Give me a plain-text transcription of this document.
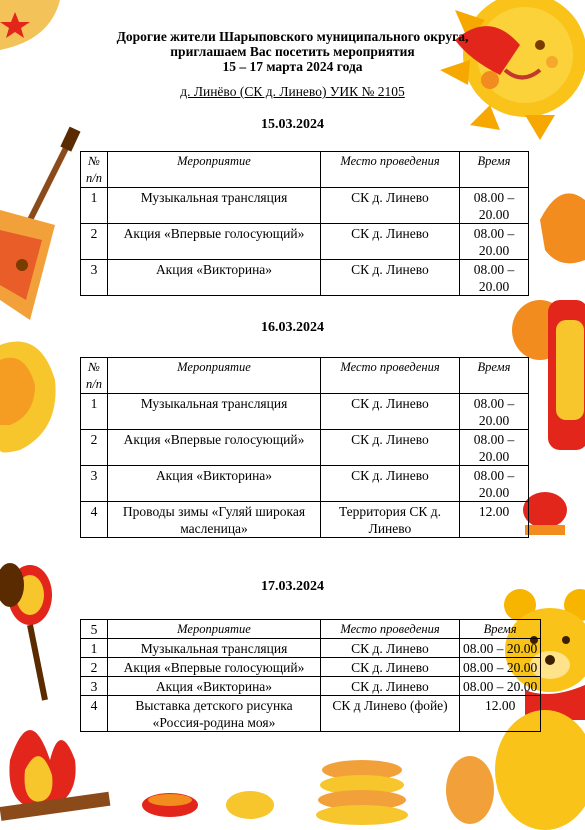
Дорогие жители Шарыповского муниципального округа,
приглашаем Вас посетить мероприятия
15 – 17 марта 2024 года
д. Линёво (СК д. Линево) УИК № 2105
15.03.2024
№ п/п	Мероприятие	Место проведения	Время
1	Музыкальная трансляция	СК д. Линево	08.00 – 20.00
2	Акция «Впервые голосующий»	СК д. Линево	08.00 – 20.00
3	Акция «Викторина»	СК д. Линево	08.00 – 20.00
16.03.2024
№ п/п	Мероприятие	Место проведения	Время
1	Музыкальная трансляция	СК д. Линево	08.00 – 20.00
2	Акция «Впервые голосующий»	СК д. Линево	08.00 – 20.00
3	Акция «Викторина»	СК д. Линево	08.00 – 20.00
4	Проводы зимы «Гуляй широкая масленица»	Территория СК д. Линево	12.00
17.03.2024
5	Мероприятие	Место проведения	Время
1	Музыкальная трансляция	СК д. Линево	08.00 – 20.00
2	Акция «Впервые голосующий»	СК д. Линево	08.00 – 20.00
3	Акция «Викторина»	СК д. Линево	08.00 – 20.00
4	Выставка детского рисунка «Россия-родина моя»	СК д Линево (фойе)	12.00
